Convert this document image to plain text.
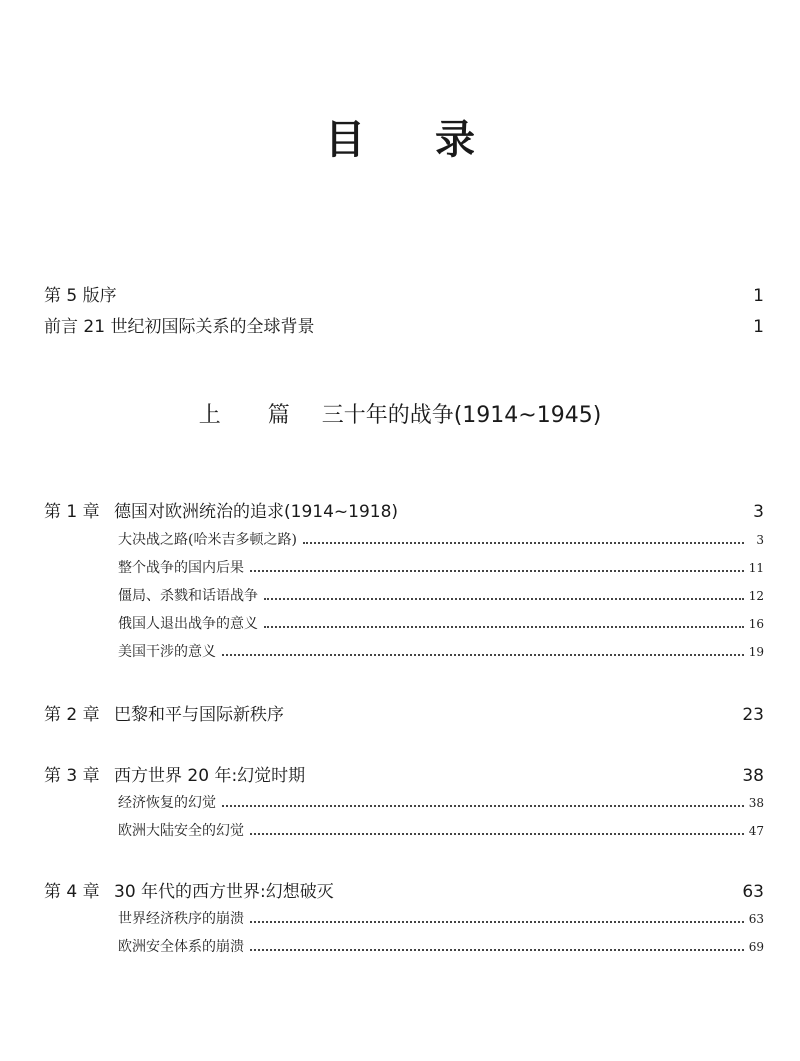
目 录
第 5 版序	1
前言 21 世纪初国际关系的全球背景	1
上 篇 三十年的战争(1914~1945)
第 1 章 德国对欧洲统治的追求(1914~1918)	3
大决战之路(哈米吉多顿之路)	3
整个战争的国内后果	11
僵局、杀戮和话语战争	12
俄国人退出战争的意义	16
美国干涉的意义	19
第 2 章 巴黎和平与国际新秩序	23
第 3 章 西方世界 20 年:幻觉时期	38
经济恢复的幻觉	38
欧洲大陆安全的幻觉	47
第 4 章 30 年代的西方世界:幻想破灭	63
世界经济秩序的崩溃	63
欧洲安全体系的崩溃	69
